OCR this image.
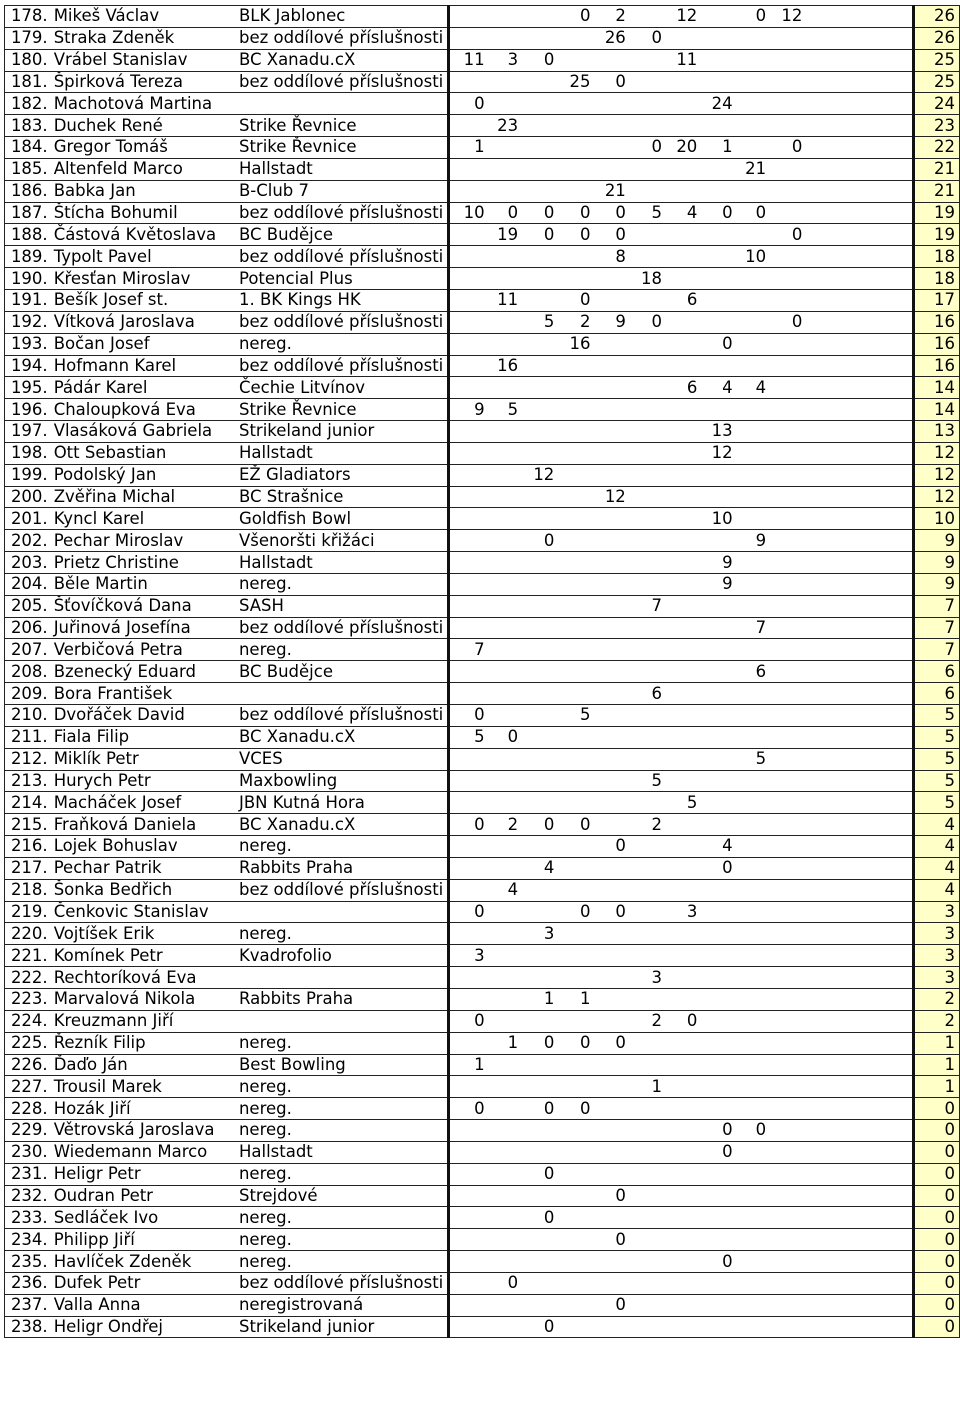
178.	Mikeš Václav	BLK Jablonec				0	2		12		0	12		26
179.	Straka Zdeněk	bez oddílové příslušnosti					26	0						26
180.	Vrábel Stanislav	BC Xanadu.cX	11	3	0				11					25
181.	Špirková Tereza	bez oddílové příslušnosti				25	0							25
182.	Machotová Martina		0							24				24
183.	Duchek René	Strike Řevnice		23										23
184.	Gregor Tomáš	Strike Řevnice	1					0	20	1		0		22
185.	Altenfeld Marco	Hallstadt									21			21
186.	Babka Jan	B-Club 7					21							21
187.	Štícha Bohumil	bez oddílové příslušnosti	10	0	0	0	0	5	4	0	0			19
188.	Částová Květoslava	BC Budějce		19	0	0	0					0		19
189.	Typolt Pavel	bez oddílové příslušnosti					8				10			18
190.	Křesťan Miroslav	Potencial Plus						18						18
191.	Bešík Josef st.	1. BK Kings HK		11		0			6					17
192.	Vítková Jaroslava	bez oddílové příslušnosti			5	2	9	0				0		16
193.	Bočan Josef	nereg.				16				0				16
194.	Hofmann Karel	bez oddílové příslušnosti		16										16
195.	Pádár Karel	Čechie Litvínov							6	4	4			14
196.	Chaloupková Eva	Strike Řevnice	9	5										14
197.	Vlasáková Gabriela	Strikeland junior								13				13
198.	Ott Sebastian	Hallstadt								12				12
199.	Podolský Jan	EŽ Gladiators			12									12
200.	Zvěřina Michal	BC Strašnice					12							12
201.	Kyncl Karel	Goldfish Bowl								10				10
202.	Pechar Miroslav	Všenoršti křižáci			0						9			9
203.	Prietz Christine	Hallstadt								9				9
204.	Běle Martin	nereg.								9				9
205.	Šťovíčková Dana	SASH						7						7
206.	Juřinová Josefína	bez oddílové příslušnosti									7			7
207.	Verbičová Petra	nereg.	7											7
208.	Bzenecký Eduard	BC Budějce									6			6
209.	Bora František							6						6
210.	Dvořáček David	bez oddílové příslušnosti	0			5								5
211.	Fiala Filip	BC Xanadu.cX	5	0										5
212.	Miklík Petr	VCES									5			5
213.	Hurych Petr	Maxbowling						5						5
214.	Macháček Josef	JBN Kutná Hora							5					5
215.	Fraňková Daniela	BC Xanadu.cX	0	2	0	0		2						4
216.	Lojek Bohuslav	nereg.					0			4				4
217.	Pechar Patrik	Rabbits Praha			4					0				4
218.	Šonka Bedřich	bez oddílové příslušnosti		4										4
219.	Čenkovic Stanislav		0			0	0		3					3
220.	Vojtíšek Erik	nereg.			3									3
221.	Komínek Petr	Kvadrofolio	3											3
222.	Rechtoríková Eva							3						3
223.	Marvalová Nikola	Rabbits Praha			1	1								2
224.	Kreuzmann Jiří		0					2	0					2
225.	Řezník Filip	nereg.		1	0	0	0							1
226.	Ďaďo Ján	Best Bowling	1											1
227.	Trousil Marek	nereg.						1						1
228.	Hozák Jiří	nereg.	0		0	0								0
229.	Větrovská Jaroslava	nereg.								0	0			0
230.	Wiedemann Marco	Hallstadt								0				0
231.	Heligr Petr	nereg.			0									0
232.	Oudran Petr	Strejdové					0							0
233.	Sedláček Ivo	nereg.			0									0
234.	Philipp Jiří	nereg.					0							0
235.	Havlíček Zdeněk	nereg.								0				0
236.	Dufek Petr	bez oddílové příslušnosti		0										0
237.	Valla Anna	neregistrovaná					0							0
238.	Heligr Ondřej	Strikeland junior			0									0
